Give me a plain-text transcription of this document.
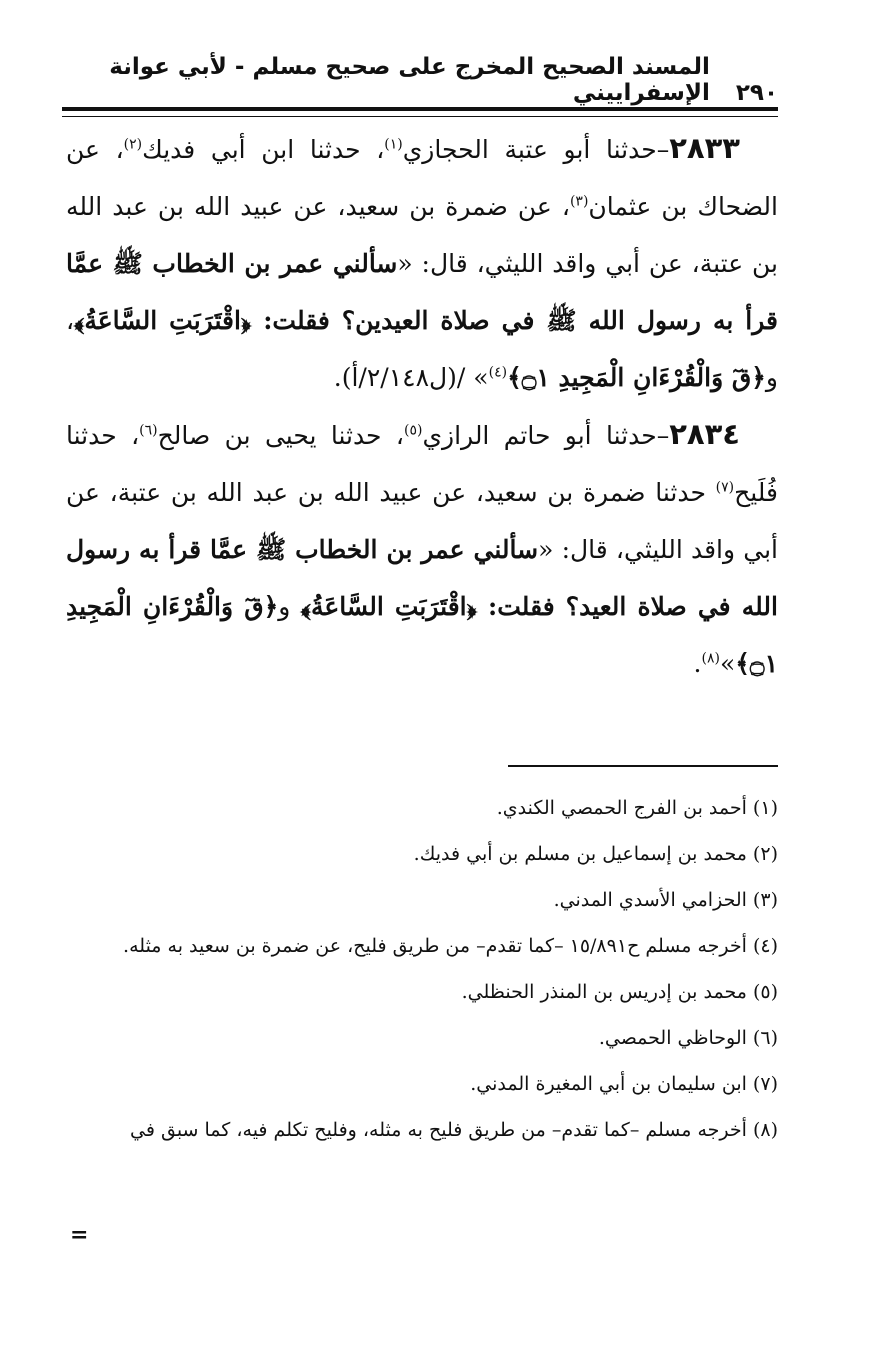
٢٩٠
المسند الصحيح المخرج على صحيح مسلم - لأبي عوانة الإسفراييني

٢٨٣٣–حدثنا أبو عتبة الحجازي$^{(١)}$، حدثنا ابن أبي فديك$^{(٢)}$، عن الضحاك بن عثمان$^{(٣)}$، عن ضمرة بن سعيد، عن عبيد الله بن عبد الله بن عتبة، عن أبي واقد الليثي، قال: «سألني عمر بن الخطاب ﷺ عمَّا قرأ به رسول الله ﷺ في صلاة العيدين؟ فقلت: ﴿اقْتَرَبَتِ السَّاعَةُ﴾، و﴿قٓ وَالْقُرْءَانِ الْمَجِيدِ ۝١﴾$^{(٤)}$» /(ل٢/١٤٨/أ).

٢٨٣٤–حدثنا أبو حاتم الرازي$^{(٥)}$، حدثنا يحيى بن صالح$^{(٦)}$، حدثنا فُلَيح$^{(٧)}$ حدثنا ضمرة بن سعيد، عن عبيد الله بن عبد الله بن عتبة، عن أبي واقد الليثي، قال: «سألني عمر بن الخطاب ﷺ عمَّا قرأ به رسول الله في صلاة العيد؟ فقلت: ﴿اقْتَرَبَتِ السَّاعَةُ﴾ و﴿قٓ وَالْقُرْءَانِ الْمَجِيدِ ۝١﴾»$^{(٨)}$.

(١) أحمد بن الفرج الحمصي الكندي.

(٢) محمد بن إسماعيل بن مسلم بن أبي فديك.

(٣) الحزامي الأسدي المدني.

(٤) أخرجه مسلم ح١٥/٨٩١ –كما تقدم– من طريق فليح، عن ضمرة بن سعيد به مثله.

(٥) محمد بن إدريس بن المنذر الحنظلي.

(٦) الوحاظي الحمصي.

(٧) ابن سليمان بن أبي المغيرة المدني.

(٨) أخرجه مسلم –كما تقدم– من طريق فليح به مثله، وفليح تكلم فيه، كما سبق في

=
